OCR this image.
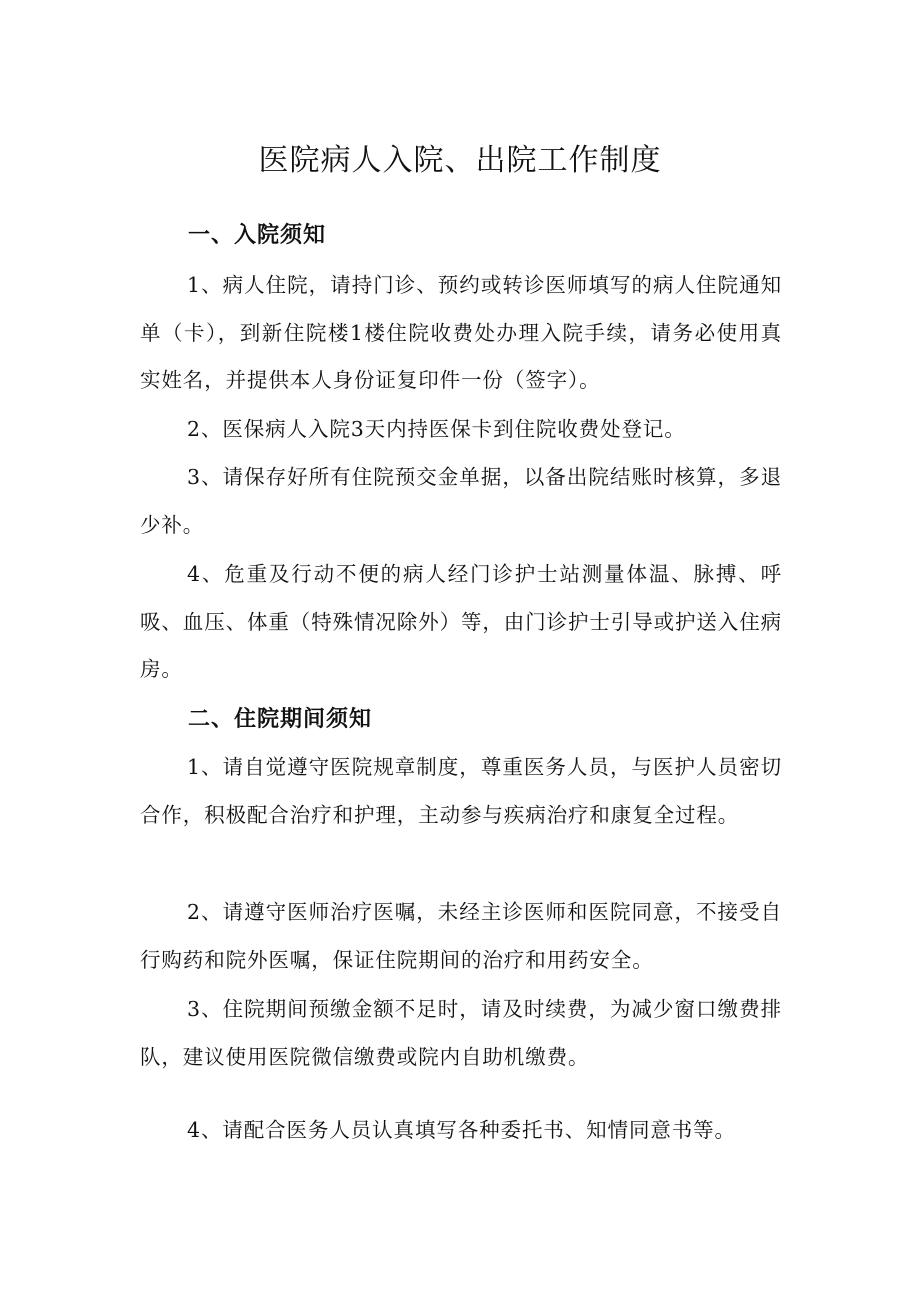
医院病人入院、出院工作制度
一、入院须知

1、病人住院，请持门诊、预约或转诊医师填写的病人住院通知单（卡），到新住院楼1楼住院收费处办理入院手续，请务必使用真实姓名，并提供本人身份证复印件一份（签字）。

2、医保病人入院3天内持医保卡到住院收费处登记。

3、请保存好所有住院预交金单据，以备出院结账时核算，多退少补。

4、危重及行动不便的病人经门诊护士站测量体温、脉搏、呼吸、血压、体重（特殊情况除外）等，由门诊护士引导或护送入住病房。

二、住院期间须知

1、请自觉遵守医院规章制度，尊重医务人员，与医护人员密切合作，积极配合治疗和护理，主动参与疾病治疗和康复全过程。

2、请遵守医师治疗医嘱，未经主诊医师和医院同意，不接受自行购药和院外医嘱，保证住院期间的治疗和用药安全。

3、住院期间预缴金额不足时，请及时续费，为减少窗口缴费排队，建议使用医院微信缴费或院内自助机缴费。

4、请配合医务人员认真填写各种委托书、知情同意书等。
